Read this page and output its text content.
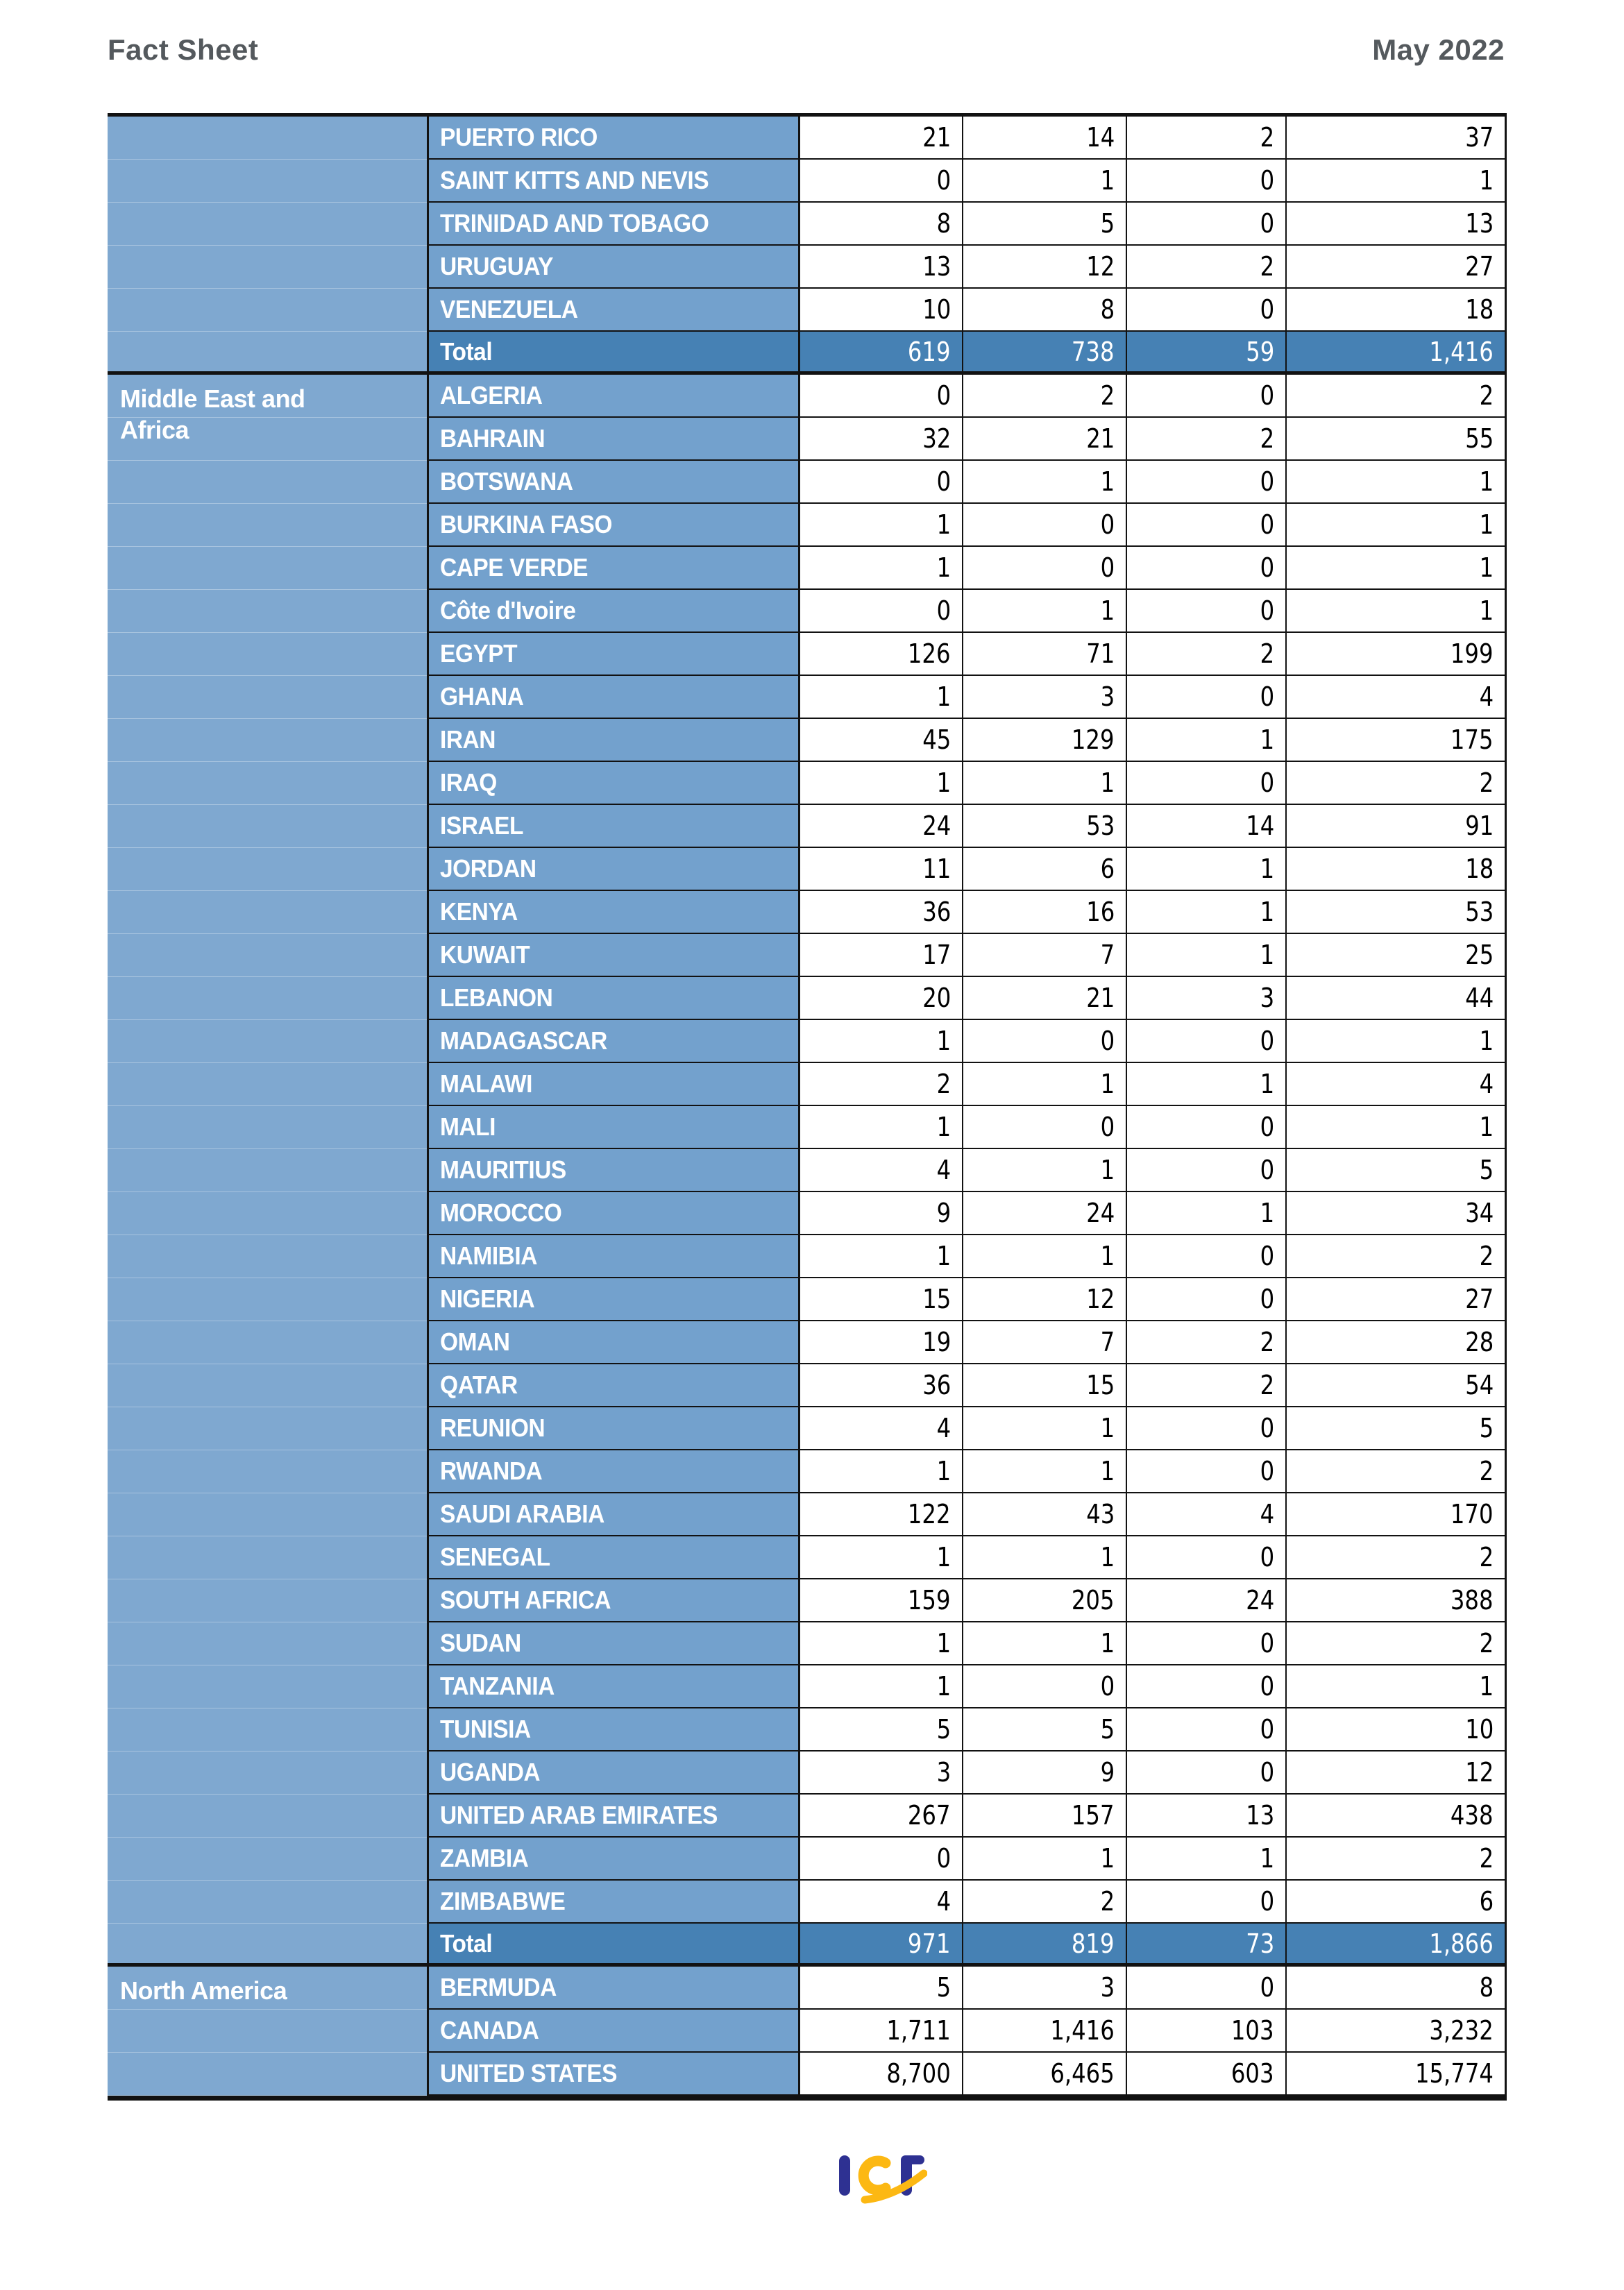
Fact Sheet	May 2022
PUERTO RICO	21	14	2	37
SAINT KITTS AND NEVIS	0	1	0	1
TRINIDAD AND TOBAGO	8	5	0	13
URUGUAY	13	12	2	27
VENEZUELA	10	8	0	18
Total	619	738	59	1,416
ALGERIA	0	2	0	2
BAHRAIN	32	21	2	55
BOTSWANA	0	1	0	1
BURKINA FASO	1	0	0	1
CAPE VERDE	1	0	0	1
Côte d'Ivoire	0	1	0	1
EGYPT	126	71	2	199
GHANA	1	3	0	4
IRAN	45	129	1	175
IRAQ	1	1	0	2
ISRAEL	24	53	14	91
JORDAN	11	6	1	18
KENYA	36	16	1	53
KUWAIT	17	7	1	25
LEBANON	20	21	3	44
MADAGASCAR	1	0	0	1
MALAWI	2	1	1	4
MALI	1	0	0	1
MAURITIUS	4	1	0	5
MOROCCO	9	24	1	34
NAMIBIA	1	1	0	2
NIGERIA	15	12	0	27
OMAN	19	7	2	28
QATAR	36	15	2	54
REUNION	4	1	0	5
RWANDA	1	1	0	2
SAUDI ARABIA	122	43	4	170
SENEGAL	1	1	0	2
SOUTH AFRICA	159	205	24	388
SUDAN	1	1	0	2
TANZANIA	1	0	0	1
TUNISIA	5	5	0	10
UGANDA	3	9	0	12
UNITED ARAB EMIRATES	267	157	13	438
ZAMBIA	0	1	1	2
ZIMBABWE	4	2	0	6
Total	971	819	73	1,866
Middle East and Africa
BERMUDA	5	3	0	8
CANADA	1,711	1,416	103	3,232
UNITED STATES	8,700	6,465	603	15,774
North America
